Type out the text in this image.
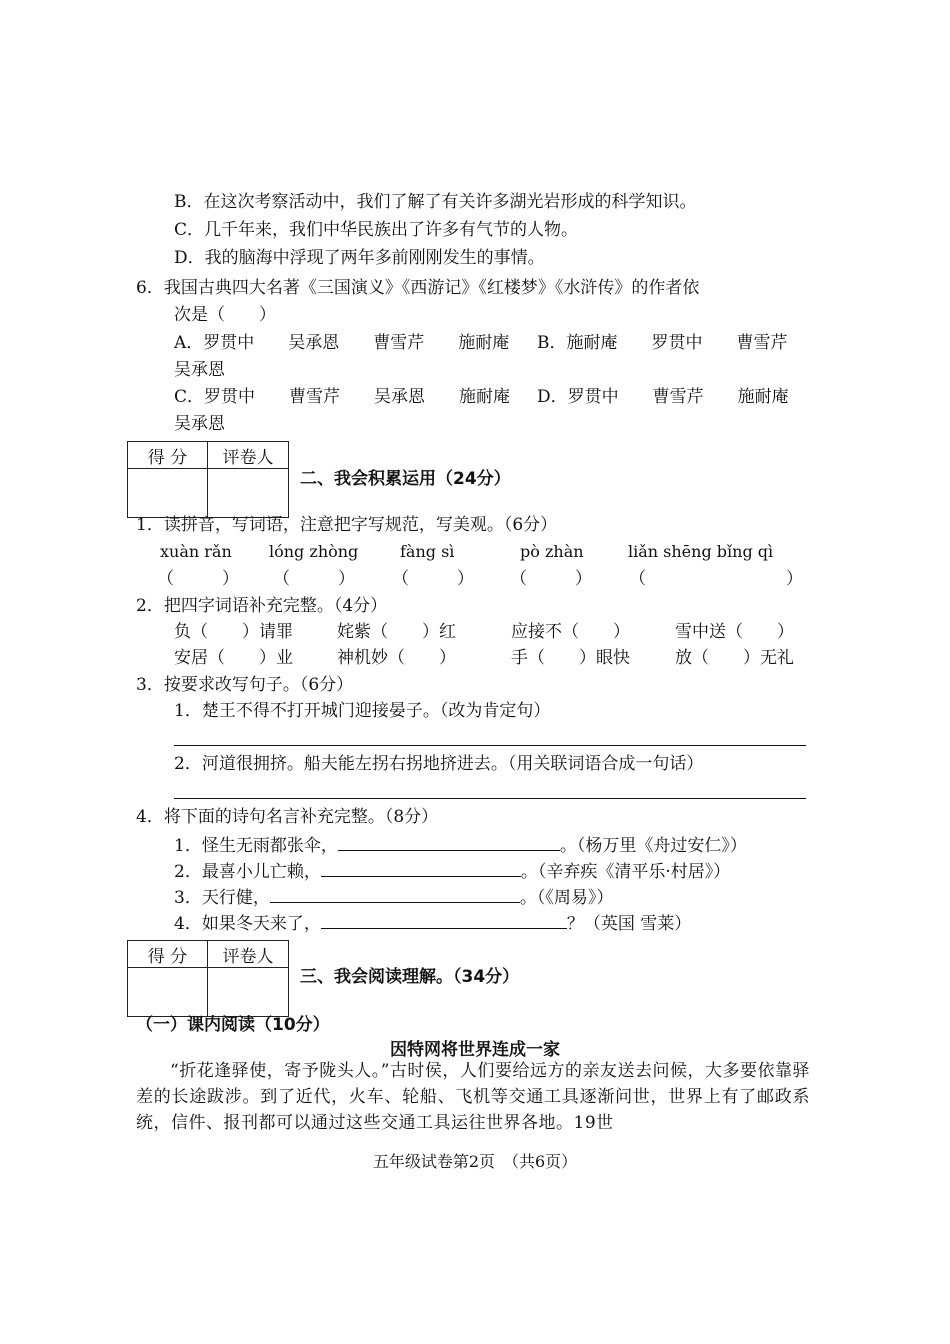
B．在这次考察活动中，我们了解了有关许多湖光岩形成的科学知识。
C．几千年来，我们中华民族出了许多有气节的人物。
D．我的脑海中浮现了两年多前刚刚发生的事情。
6．我国古典四大名著《三国演义》《西游记》《红楼梦》《水浒传》的作者依
次是（　　）
A．罗贯中　　吴承恩　　曹雪芹　　施耐庵 B．施耐庵　　罗贯中　　曹雪芹
吴承恩
C．罗贯中　　曹雪芹　　吴承恩　　施耐庵 D．罗贯中　　曹雪芹　　施耐庵
吴承恩
得 分	评卷人

二、我会积累运用（24分）
1．读拼音，写词语，注意把字写规范，写美观。（6分）
xuàn rǎn lóng zhòng	fàng sì	pò zhàn	liǎn shēng bǐng qì
（	） （	） （	） （	） （	）
2．把四字词语补充完整。（4分）
负（　　）请罪	姹紫（　　）红	应接不（　　）	雪中送（　　）
安居（　　）业	神机妙（　　）	手（　　）眼快	放（　　）无礼
3．按要求改写句子。（6分）
1．楚王不得不打开城门迎接晏子。（改为肯定句）
2．河道很拥挤。船夫能左拐右拐地挤进去。（用关联词语合成一句话）
4．将下面的诗句名言补充完整。（8分）
1．怪生无雨都张伞，	。（杨万里《舟过安仁》）
2．最喜小儿亡赖，	。（辛弃疾《清平乐·村居》）
3．天行健，	。（《周易》）
4．如果冬天来了，	？（英国 雪莱）
得 分	评卷人

三、我会阅读理解。（34分）
（一）课内阅读（10分）
因特网将世界连成一家
“折花逢驿使，寄予陇头人。”古时侯，人们要给远方的亲友送去问候，大多要依靠驿差的长途跋涉。到了近代，火车、轮船、飞机等交通工具逐渐问世，世界上有了邮政系统，信件、报刊都可以通过这些交通工具运往世界各地。19世
五年级试卷第2页　（共6页）
